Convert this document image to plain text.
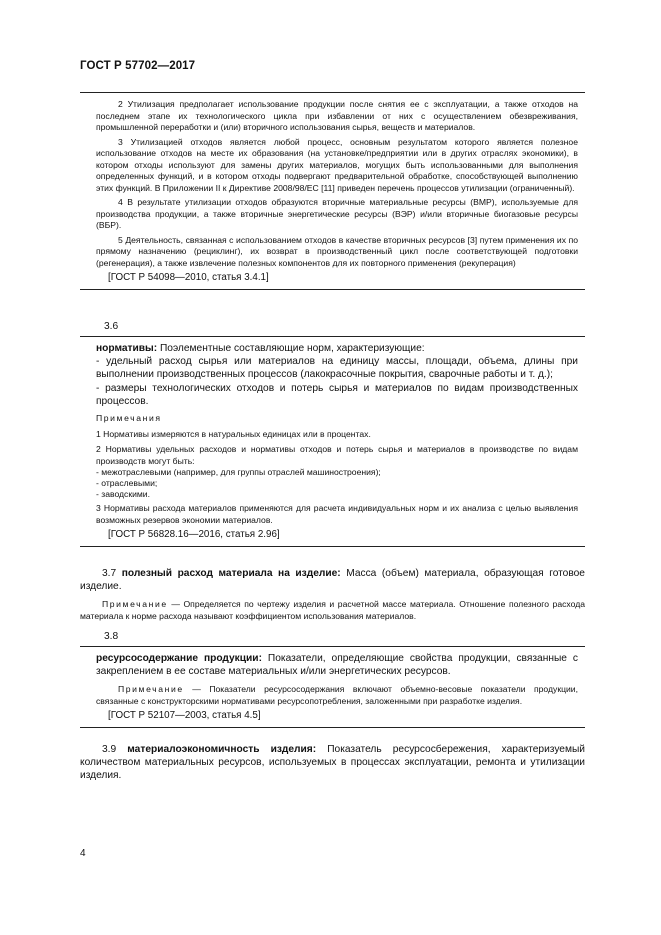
ГОСТ Р 57702—2017

2 Утилизация предполагает использование продукции после снятия ее с эксплуатации, а также отходов на последнем этапе их технологического цикла при избавлении от них с осуществлением обезвреживания, промышленной переработки и (или) вторичного использования сырья, веществ и материалов.

3 Утилизацией отходов является любой процесс, основным результатом которого является полезное использование отходов на месте их образования (на установке/предприятии или в других отраслях экономики), в котором отходы используют для замены других материалов, могущих быть использованными для выполнения определенных функций, и в котором отходы подвергают предварительной обработке, способствующей выполнению этих функций. В Приложении II к Директиве 2008/98/ЕС [11] приведен перечень процессов утилизации (ограниченный).

4 В результате утилизации отходов образуются вторичные материальные ресурсы (ВМР), используемые для производства продукции, а также вторичные энергетические ресурсы (ВЭР) и/или вторичные биогазовые ресурсы (ВБР).

5 Деятельность, связанная с использованием отходов в качестве вторичных ресурсов [3] путем применения их по прямому назначению (рециклинг), их возврат в производственный цикл после соответствующей подготовки (регенерация), а также извлечение полезных компонентов для их повторного применения (рекуперация)

[ГОСТ Р 54098—2010, статья 3.4.1]
3.6

нормативы: Поэлементные составляющие норм, характеризующие:

- удельный расход сырья или материалов на единицу массы, площади, объема, длины при выполнении производственных процессов (лакокрасочные покрытия, сварочные работы и т. д.);

- размеры технологических отходов и потерь сырья и материалов по видам производственных процессов.

Примечания

1 Нормативы измеряются в натуральных единицах или в процентах.

2 Нормативы удельных расходов и нормативы отходов и потерь сырья и материалов в производстве по видам производств могут быть:

- межотраслевыми (например, для группы отраслей машиностроения);
- отраслевыми;
- заводскими.

3 Нормативы расхода материалов применяются для расчета индивидуальных норм и их анализа с целью выявления возможных резервов экономии материалов.

[ГОСТ Р 56828.16—2016, статья 2.96]

3.7 полезный расход материала на изделие: Масса (объем) материала, образующая готовое изделие.

Примечание — Определяется по чертежу изделия и расчетной массе материала. Отношение полезного расхода материала к норме расхода называют коэффициентом использования материалов.

3.8

ресурсосодержание продукции: Показатели, определяющие свойства продукции, связанные с закреплением в ее составе материальных и/или энергетических ресурсов.

Примечание — Показатели ресурсосодержания включают объемно-весовые показатели продукции, связанные с конструкторскими нормативами ресурсопотребления, заложенными при разработке изделия.

[ГОСТ Р 52107—2003, статья 4.5]

3.9 материалоэкономичность изделия: Показатель ресурсосбережения, характеризуемый количеством материальных ресурсов, используемых в процессах эксплуатации, ремонта и утилизации изделия.

4
